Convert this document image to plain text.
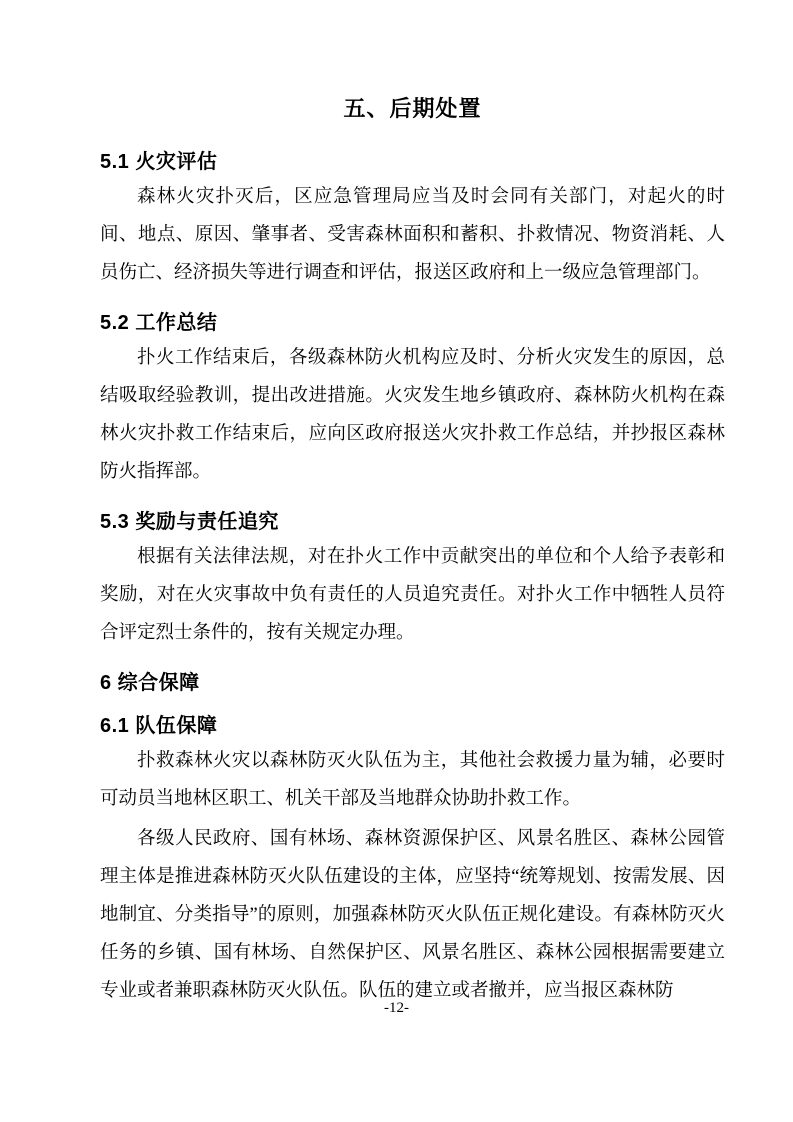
五、后期处置
5.1 火灾评估

森林火灾扑灭后，区应急管理局应当及时会同有关部门，对起火的时间、地点、原因、肇事者、受害森林面积和蓄积、扑救情况、物资消耗、人员伤亡、经济损失等进行调查和评估，报送区政府和上一级应急管理部门。

5.2 工作总结

扑火工作结束后，各级森林防火机构应及时、分析火灾发生的原因，总结吸取经验教训，提出改进措施。火灾发生地乡镇政府、森林防火机构在森林火灾扑救工作结束后，应向区政府报送火灾扑救工作总结，并抄报区森林防火指挥部。

5.3 奖励与责任追究

根据有关法律法规，对在扑火工作中贡献突出的单位和个人给予表彰和奖励，对在火灾事故中负有责任的人员追究责任。对扑火工作中牺牲人员符合评定烈士条件的，按有关规定办理。

6 综合保障
6.1 队伍保障

扑救森林火灾以森林防灭火队伍为主，其他社会救援力量为辅，必要时可动员当地林区职工、机关干部及当地群众协助扑救工作。

各级人民政府、国有林场、森林资源保护区、风景名胜区、森林公园管理主体是推进森林防灭火队伍建设的主体，应坚持“统筹规划、按需发展、因地制宜、分类指导”的原则，加强森林防灭火队伍正规化建设。有森林防灭火任务的乡镇、国有林场、自然保护区、风景名胜区、森林公园根据需要建立专业或者兼职森林防灭火队伍。队伍的建立或者撤并，应当报区森林防

-12-
